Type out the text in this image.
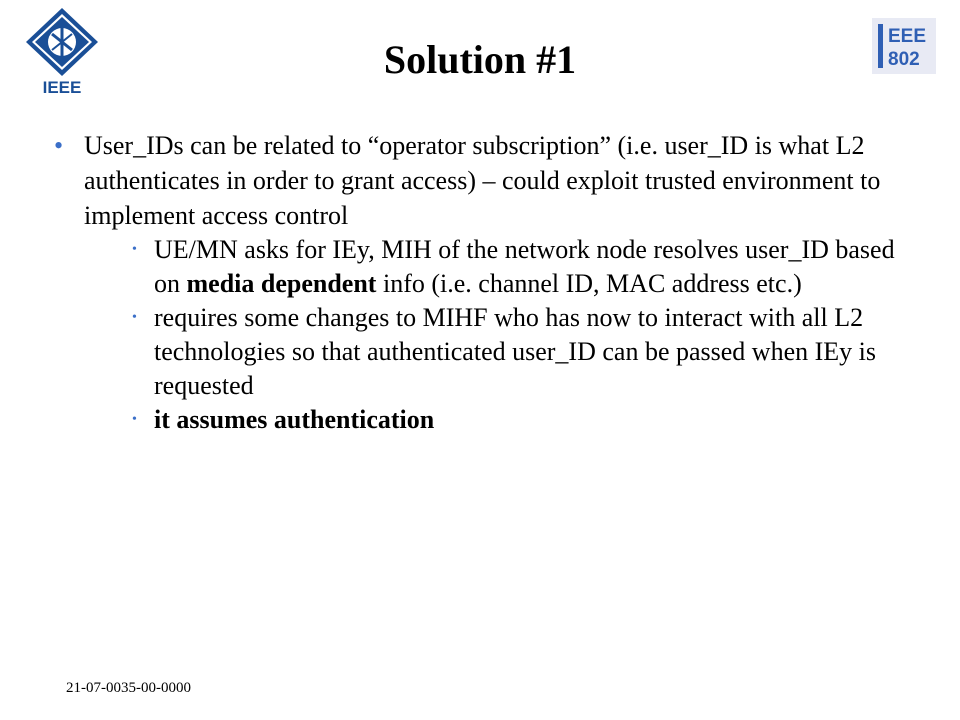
IEEE
EEE
802
Solution #1
• User_IDs can be related to “operator subscription” (i.e. user_ID is what L2 authenticates in order to grant access) – could exploit trusted environment to implement access control
• UE/MN asks for IEy, MIH of the network node resolves user_ID based on media dependent info (i.e. channel ID, MAC address etc.)
• requires some changes to MIHF who has now to interact with all L2 technologies so that authenticated user_ID can be passed when IEy is requested
• it assumes authentication
21-07-0035-00-0000
